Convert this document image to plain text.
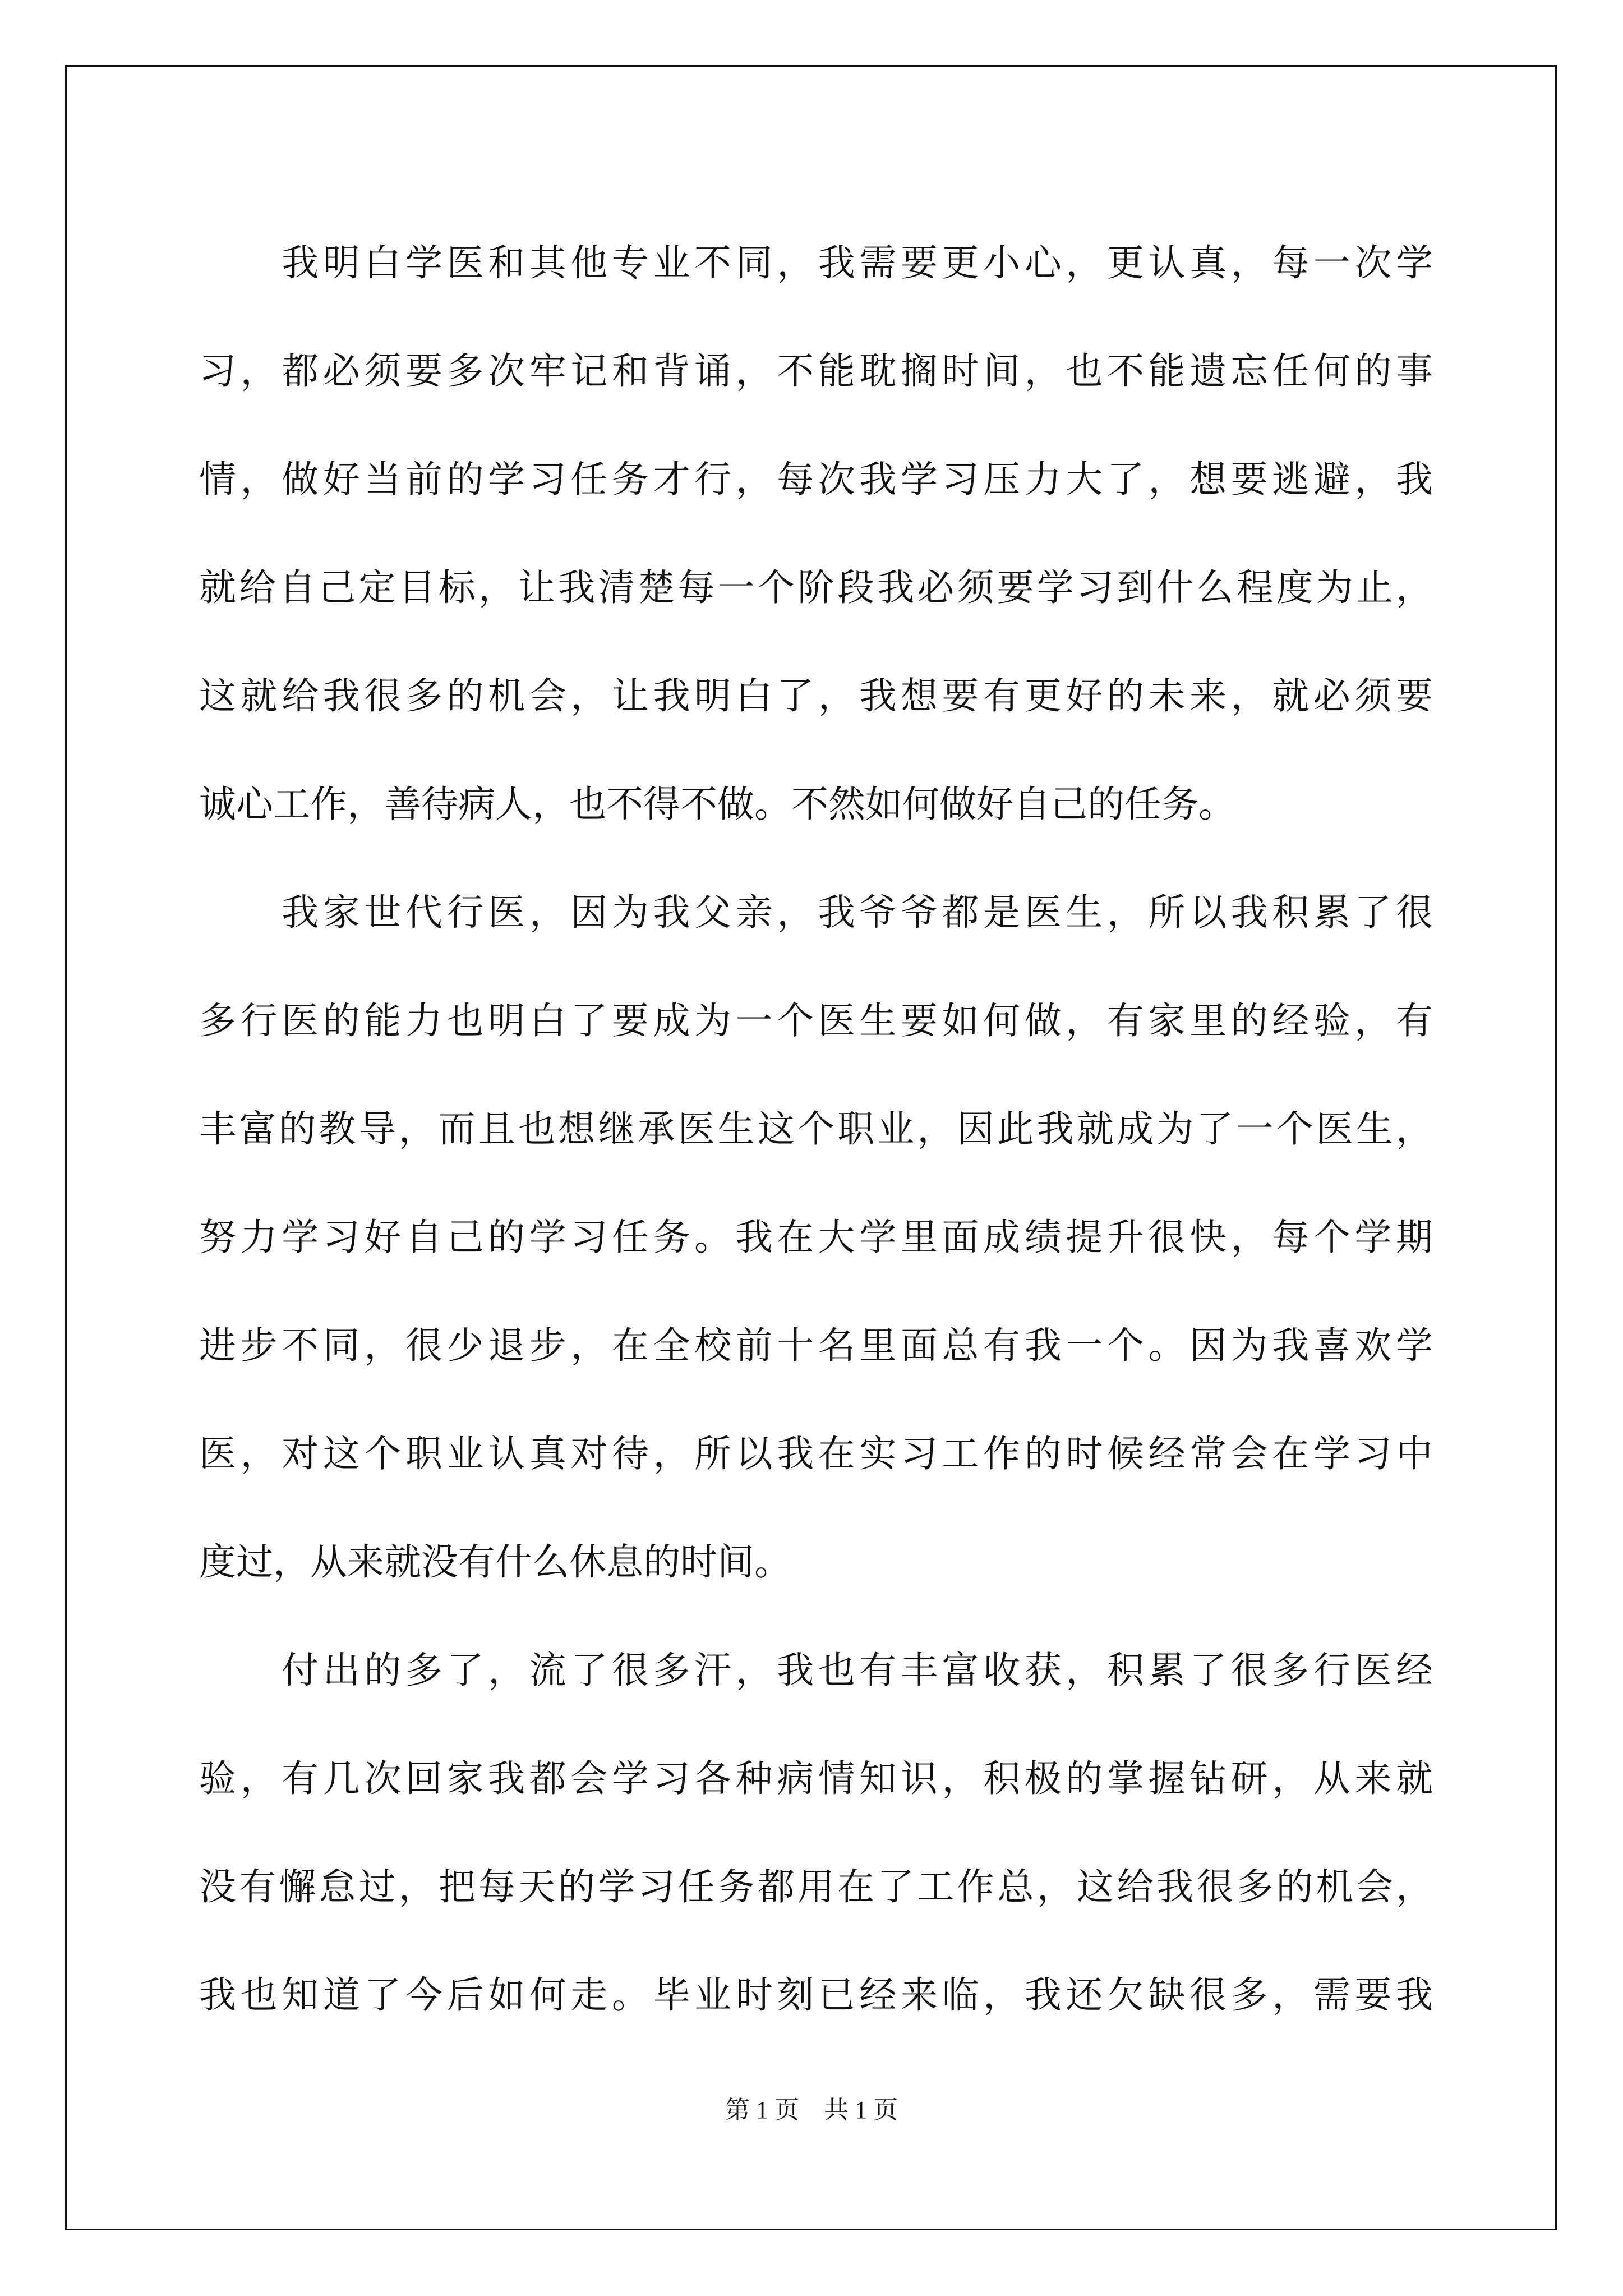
　　我明白学医和其他专业不同，我需要更小心，更认真，每一次学
习，都必须要多次牢记和背诵，不能耽搁时间，也不能遗忘任何的事
情，做好当前的学习任务才行，每次我学习压力大了，想要逃避，我
就给自己定目标，让我清楚每一个阶段我必须要学习到什么程度为止，
这就给我很多的机会，让我明白了，我想要有更好的未来，就必须要
诚心工作，善待病人，也不得不做。不然如何做好自己的任务。
　　我家世代行医，因为我父亲，我爷爷都是医生，所以我积累了很
多行医的能力也明白了要成为一个医生要如何做，有家里的经验，有
丰富的教导，而且也想继承医生这个职业，因此我就成为了一个医生，
努力学习好自己的学习任务。我在大学里面成绩提升很快，每个学期
进步不同，很少退步，在全校前十名里面总有我一个。因为我喜欢学
医，对这个职业认真对待，所以我在实习工作的时候经常会在学习中
度过，从来就没有什么休息的时间。
　　付出的多了，流了很多汗，我也有丰富收获，积累了很多行医经
验，有几次回家我都会学习各种病情知识，积极的掌握钻研，从来就
没有懈怠过，把每天的学习任务都用在了工作总，这给我很多的机会，
我也知道了今后如何走。毕业时刻已经来临，我还欠缺很多，需要我
第 1 页　共 1 页
